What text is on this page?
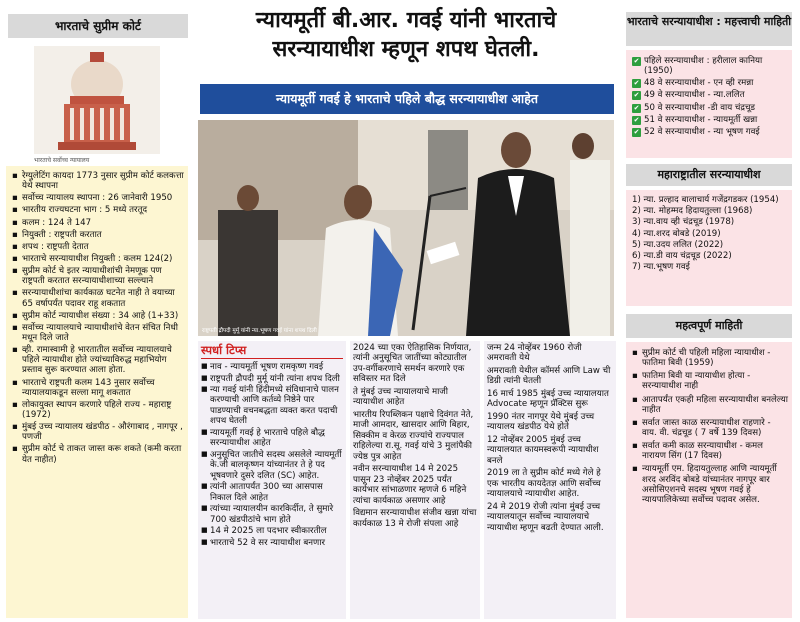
भारताचे सुप्रीम कोर्ट
भारताचे सर्वोच्च न्यायालय
▪ रेग्युलेटिंग कायदा 1773 नुसार सुप्रीम कोर्ट कलकत्ता येथे स्थापना
▪ सर्वोच्च न्यायालय स्थापना : 26 जानेवारी 1950
▪ भारतीय राज्यघटना भाग : 5 मध्ये तरतूद
▪ कलम : 124 ते 147
▪ नियुक्ती : राष्ट्रपती करतात
▪ शपथ : राष्ट्रपती देतात
▪ भारताचे सरन्यायाधीश नियुक्ती : कलम 124(2)
▪ सुप्रीम कोर्ट चे इतर न्यायाधीशांची नेमणूक पण राष्ट्रपती करतात सरन्यायाधीशाच्या सल्ल्याने
▪ सरन्यायाधीशांचा कार्यकाळ घटनेत नाही ते वयाच्या 65 वर्षापर्यंत पदावर राहू शकतात
▪ सुप्रीम कोर्ट न्यायाधीश संख्या : 34 आहे (1+33)
▪ सर्वोच्च न्यायालयाचे न्यायाधीशांचे वेतन संचित निधी मधून दिले जाते
▪ व्ही. रामास्वामी हे भारतातील सर्वोच्च न्यायालयाचे पहिले न्यायाधीश होते ज्यांच्याविरुद्ध महाभियोग प्रस्ताव सुरू करण्यात आला होता.
▪ भारताचे राष्ट्रपती कलम 143 नुसार सर्वोच्च न्यायालयाकडून सल्ला मागू शकतात
▪ लोकायुक्त स्थापन करणारे पहिले राज्य - महाराष्ट्र (1972)
▪ मुंबई उच्च न्यायालय खंडपीठ - औरंगाबाद , नागपूर , पणजी
▪ सुप्रीम कोर्ट चे ताकत जास्त करू शकते (कमी करता येत नाहीत)
न्यायमूर्ती बी.आर. गवई यांनी भारताचे
सरन्यायाधीश म्हणून शपथ घेतली.
न्यायमूर्ती गवई हे भारताचे पहिले बौद्ध सरन्यायाधीश आहेत
राष्ट्रपती द्रौपदी मुर्मू यांनी न्या.भूषण गवई यांना शपथ दिली
स्पर्धा टिप्स
■ नाव - न्यायमूर्ती भूषण रामकृष्ण गवई
■ राष्ट्रपती द्रौपदी मुर्मू यांनी त्यांना शपथ दिली
■ न्या गवई यांनी हिंदीमध्ये संविधानाचे पालन करण्याची आणि कर्तव्ये निष्ठेने पार पाडण्याची वचनबद्धता व्यक्त करत पदाची शपथ घेतली
■ न्यायमूर्ती गवई हे भारताचे पहिले बौद्ध सरन्यायाधीश आहेत
■ अनुसूचित जातीचे सदस्य असलेले न्यायमूर्ती के.जी बालकृष्णन यांच्यानंतर ते हे पद भूषवणारे दुसरे दलित (SC) आहेत.
■ त्यांनी आतापर्यंत 300 च्या आसपास निकाल दिले आहेत
■ त्यांच्या न्यायालयीन कारकिर्दीत, ते सुमारे 700 खंडपीठांचे भाग होते
■ 14 मे 2025 ला पदभार स्वीकारतील
■ भारताचे 52 वे सर न्यायाधीश बनणार

2024 च्या एका ऐतिहासिक निर्णयात, त्यांनी अनुसूचित जातींच्या कोट्यातील उप-वर्गीकरणाचे समर्थन करणारे एक सविस्तर मत दिले

ते मुंबई उच्च न्यायालयाचे माजी न्यायाधीश आहेत

भारतीय रिपब्लिकन पक्षाचे दिवंगत नेते, माजी आमदार, खासदार आणि बिहार, सिक्कीम व केरळ राज्यांचे राज्यपाल राहिलेल्या रा.सू. गवई यांचे 3 मुलांपैकी ज्येष्ठ पुत्र आहेत

नवीन सरन्यायाधीश 14 मे 2025 पासून 23 नोव्हेंबर 2025 पर्यंत कार्यभार सांभाळणार म्हणजे 6 महिने त्यांचा कार्यकाळ असणार आहे

विद्यमान सरन्यायाधीश संजीव खन्ना यांचा कार्यकाळ 13 मे रोजी संपला आहे

जन्म 24 नोव्हेंबर 1960 रोजी अमरावती येथे

अमरावती येथील कॉमर्स आणि Law ची डिग्री त्यांनी घेतली

16 मार्च 1985 मुंबई उच्च न्यायालयात Advocate म्हणून प्रॅक्टिस सुरू

1990 नंतर नागपूर येथे मुंबई उच्च न्यायालय खंडपीठ येथे होते

12 नोव्हेंबर 2005 मुंबई उच्च न्यायालयात कायमस्वरूपी न्यायाधीश बनले

2019 ला ते सुप्रीम कोर्ट मध्ये गेले हे एक भारतीय कायदेतज्ञ आणि सर्वोच्च न्यायालयाचे न्यायाधीश आहेत.

24 मे 2019 रोजी त्यांना मुंबई उच्च न्यायालयातून सर्वोच्च न्यायालयाचे न्यायाधीश म्हणून बढती देण्यात आली.

भारताचे सरन्यायाधीश : महत्त्वाची माहिती
✔ पहिले सरन्यायाधीश : हरीलाल कानिया (1950)
✔ 48 वे सरन्यायाधीश - एन व्ही रमन्ना
✔ 49 वे सरन्यायाधीश - न्या.ललित
✔ 50 वे सरन्यायाधीश -डी वाय चंद्रचूड
✔ 51 वे सरन्यायाधीश - न्यायमूर्ती खन्ना
✔ 52 वे सरन्यायाधीश - न्या भूषण गवई
महाराष्ट्रातील सरन्यायाधीश
1) न्या. प्रल्हाद बालाचार्य गजेंद्रगडकर (1954)
2) न्या. मोहम्मद हिदायतुल्ला (1968)
3) न्या.वाय व्ही चंद्रचूड (1978)
4) न्या.शरद बोबडे (2019)
5) न्या.उदय ललित (2022)
6) न्या.डी वाय चंद्रचूड (2022)
7) न्या.भूषण गवई
महत्वपूर्ण माहिती
▪ सुप्रीम कोर्ट ची पहिली महिला न्यायाधीश - फातिमा बिवी (1959)
▪ फातिमा बिवी या न्यायाधीश होत्या - सरन्यायाधीश नाही
▪ आतापर्यंत एकही महिला सरन्यायाधीश बनलेल्या नाहीत
▪ सर्वात जास्त काळ सरन्यायाधीश राहणारे - वाय. वी. चंद्रचूड ( 7 वर्षे 139 दिवस)
▪ सर्वात कमी काळ सरन्यायाधीश - कमल नारायण सिंग (17 दिवस)
▪ न्यायमूर्ती एम. हिदायतुल्लाह आणि न्यायमूर्ती शरद अरविंद बोबडे यांच्यानंतर नागपूर बार असोसिएशनचे सदस्य भूषण गवई हे न्यायपालिकेच्या सर्वोच्च पदावर असेल.
